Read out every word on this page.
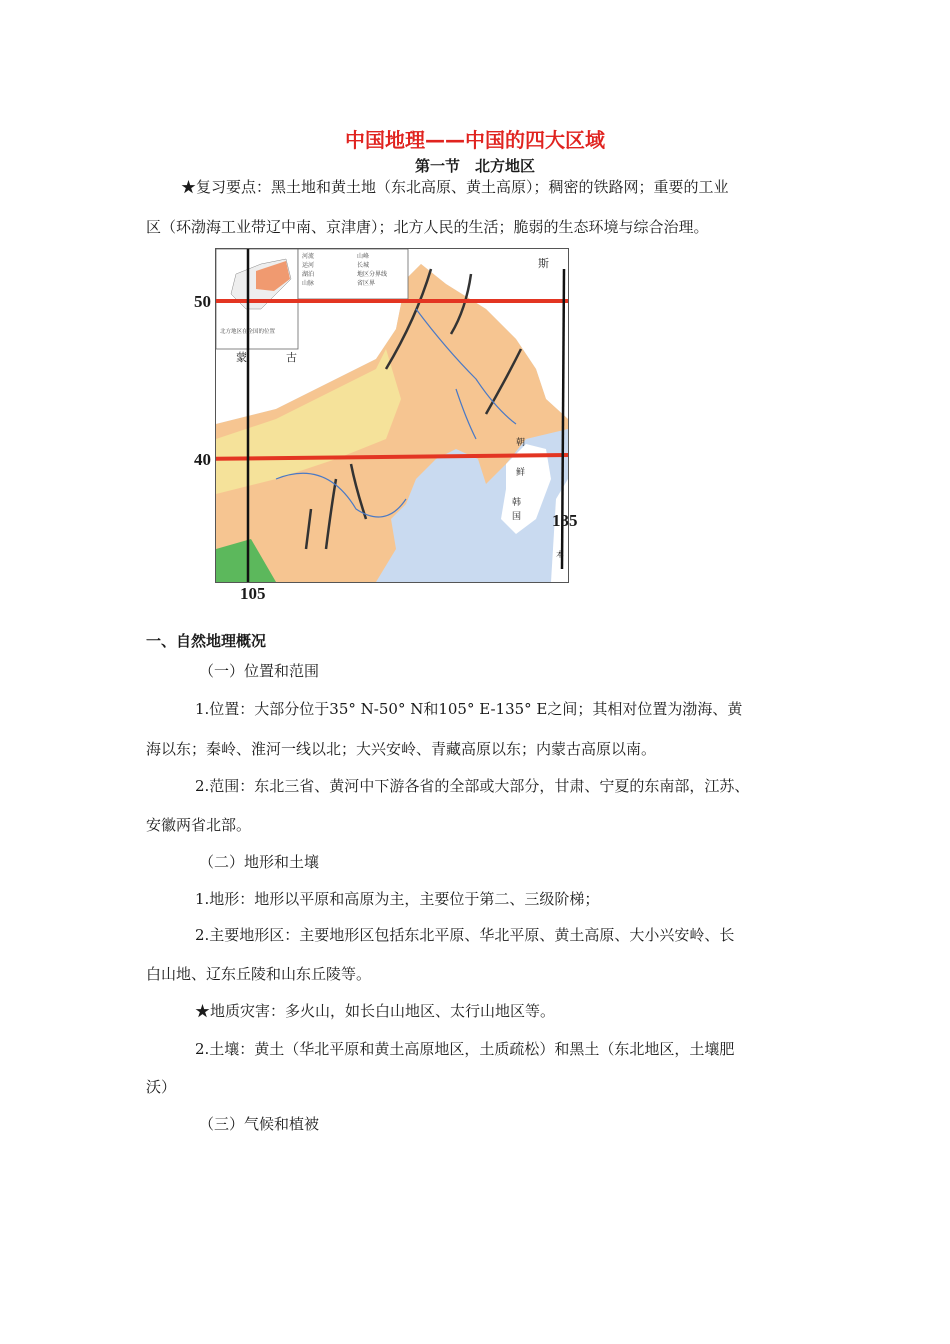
中国地理——中国的四大区域
第一节　北方地区
★复习要点：黑土地和黄土地（东北高原、黄土高原）；稠密的铁路网；重要的工业
区（环渤海工业带辽中南、京津唐）；北方人民的生活；脆弱的生态环境与综合治理。
河流
运河
湖泊
山脉
山峰
长城
地区分界线
省区界
北方地区在全国的位置
蒙	古
斯
朝
鲜
韩
国
本
50
40
105
135
一、自然地理概况
（一）位置和范围
1.位置：大部分位于35° N-50° N和105° E-135° E之间；其相对位置为渤海、黄
海以东；秦岭、淮河一线以北；大兴安岭、青藏高原以东；内蒙古高原以南。
2.范围：东北三省、黄河中下游各省的全部或大部分，甘肃、宁夏的东南部，江苏、
安徽两省北部。
（二）地形和土壤
1.地形：地形以平原和高原为主，主要位于第二、三级阶梯；
2.主要地形区：主要地形区包括东北平原、华北平原、黄土高原、大小兴安岭、长
白山地、辽东丘陵和山东丘陵等。
★地质灾害：多火山，如长白山地区、太行山地区等。
2.土壤：黄土（华北平原和黄土高原地区，土质疏松）和黑土（东北地区，土壤肥
沃）
（三）气候和植被
